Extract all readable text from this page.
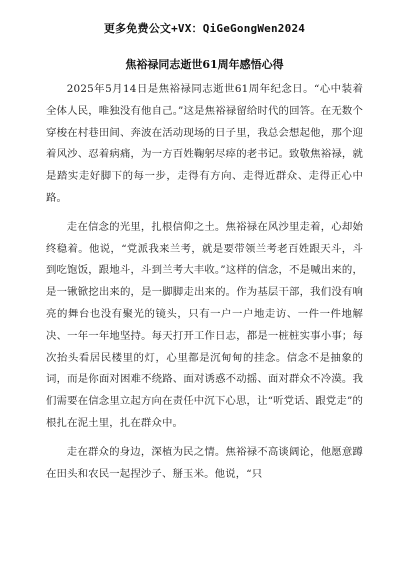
更多免费公文+VX：QiGeGongWen2024
焦裕禄同志逝世61周年感悟心得

2025年5月14日是焦裕禄同志逝世61周年纪念日。“心中装着全体人民，唯独没有他自己。”这是焦裕禄留给时代的回答。在无数个穿梭在村巷田间、奔波在活动现场的日子里，我总会想起他，那个迎着风沙、忍着病痛，为一方百姓鞠躬尽瘁的老书记。致敬焦裕禄，就是踏实走好脚下的每一步，走得有方向、走得近群众、走得正心中路。

走在信念的光里，扎根信仰之土。焦裕禄在风沙里走着，心却始终稳着。他说，“党派我来兰考，就是要带领兰考老百姓跟天斗，斗到吃饱饭，跟地斗，斗到兰考大丰收。”这样的信念，不是喊出来的，是一锹锨挖出来的，是一脚脚走出来的。作为基层干部，我们没有响亮的舞台也没有聚光的镜头，只有一户一户地走访、一件一件地解决、一年一年地坚持。每天打开工作日志，都是一桩桩实事小事；每次抬头看居民楼里的灯，心里都是沉甸甸的挂念。信念不是抽象的词，而是你面对困难不绕路、面对诱惑不动摇、面对群众不冷漠。我们需要在信念里立起方向在责任中沉下心思，让“听党话、跟党走”的根扎在泥土里，扎在群众中。

走在群众的身边，深植为民之情。焦裕禄不高谈阔论，他愿意蹲在田头和农民一起捏沙子、掰玉米。他说，“只
